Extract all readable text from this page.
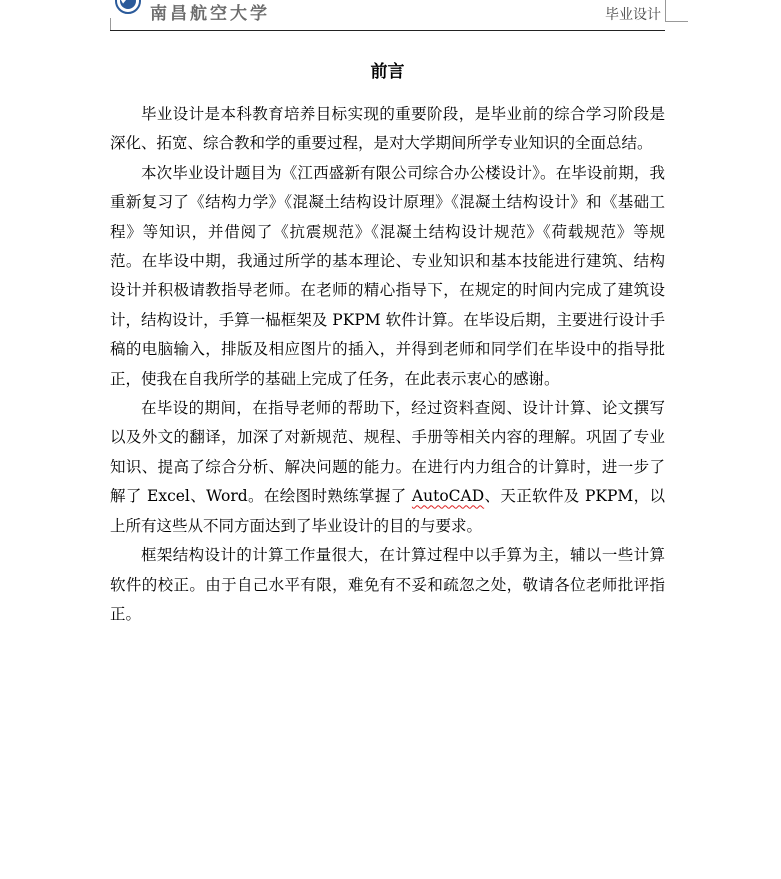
南昌航空大学	毕业设计
前言

毕业设计是本科教育培养目标实现的重要阶段，是毕业前的综合学习阶段是深化、拓宽、综合教和学的重要过程，是对大学期间所学专业知识的全面总结。

本次毕业设计题目为《江西盛新有限公司综合办公楼设计》。在毕设前期，我重新复习了《结构力学》《混凝土结构设计原理》《混凝土结构设计》和《基础工程》等知识，并借阅了《抗震规范》《混凝土结构设计规范》《荷载规范》等规范。在毕设中期，我通过所学的基本理论、专业知识和基本技能进行建筑、结构设计并积极请教指导老师。在老师的精心指导下，在规定的时间内完成了建筑设计，结构设计，手算一榀框架及 PKPM 软件计算。在毕设后期，主要进行设计手稿的电脑输入，排版及相应图片的插入，并得到老师和同学们在毕设中的指导批正，使我在自我所学的基础上完成了任务，在此表示衷心的感谢。

在毕设的期间，在指导老师的帮助下，经过资料查阅、设计计算、论文撰写以及外文的翻译，加深了对新规范、规程、手册等相关内容的理解。巩固了专业知识、提高了综合分析、解决问题的能力。在进行内力组合的计算时，进一步了解了 Excel、Word。在绘图时熟练掌握了 AutoCAD、天正软件及 PKPM，以上所有这些从不同方面达到了毕业设计的目的与要求。

框架结构设计的计算工作量很大，在计算过程中以手算为主，辅以一些计算软件的校正。由于自己水平有限，难免有不妥和疏忽之处，敬请各位老师批评指正。
